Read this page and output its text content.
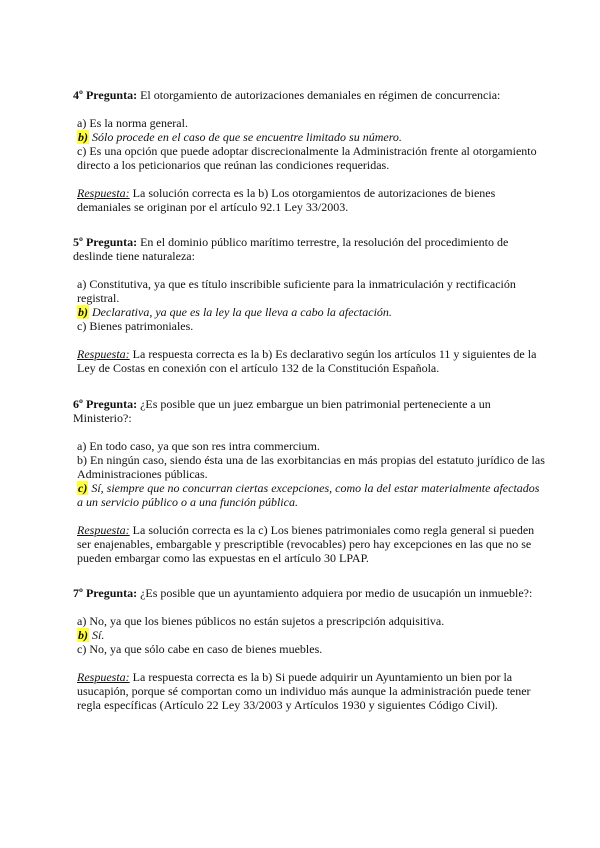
4º Pregunta: El otorgamiento de autorizaciones demaniales en régimen de concurrencia:
a) Es la norma general.
b) Sólo procede en el caso de que se encuentre limitado su número.
c) Es una opción que puede adoptar discrecionalmente la Administración frente al otorgamiento directo a los peticionarios que reúnan las condiciones requeridas.
Respuesta: La solución correcta es la b) Los otorgamientos de autorizaciones de bienes demaniales se originan por el artículo 92.1 Ley 33/2003.
5º Pregunta: En el dominio público marítimo terrestre, la resolución del procedimiento de deslinde tiene naturaleza:
a) Constitutiva, ya que es título inscribible suficiente para la inmatriculación y rectificación registral.
b) Declarativa, ya que es la ley la que lleva a cabo la afectación.
c) Bienes patrimoniales.
Respuesta: La respuesta correcta es la b) Es declarativo según los artículos 11 y siguientes de la Ley de Costas en conexión con el artículo 132 de la Constitución Española.
6º Pregunta: ¿Es posible que un juez embargue un bien patrimonial perteneciente a un Ministerio?:
a) En todo caso, ya que son res intra commercium.
b) En ningún caso, siendo ésta una de las exorbitancias en más propias del estatuto jurídico de las Administraciones públicas.
c) Sí, siempre que no concurran ciertas excepciones, como la del estar materialmente afectados a un servicio público o a una función pública.
Respuesta: La solución correcta es la c) Los bienes patrimoniales como regla general si pueden ser enajenables, embargable y prescriptible (revocables) pero hay excepciones en las que no se pueden embargar como las expuestas en el artículo 30 LPAP.
7º Pregunta: ¿Es posible que un ayuntamiento adquiera por medio de usucapión un inmueble?:
a) No, ya que los bienes públicos no están sujetos a prescripción adquisitiva.
b) Sí.
c) No, ya que sólo cabe en caso de bienes muebles.
Respuesta: La respuesta correcta es la b) Si puede adquirir un Ayuntamiento un bien por la usucapión, porque sé comportan como un individuo más aunque la administración puede tener regla específicas (Artículo 22 Ley 33/2003 y Artículos 1930 y siguientes Código Civil).
